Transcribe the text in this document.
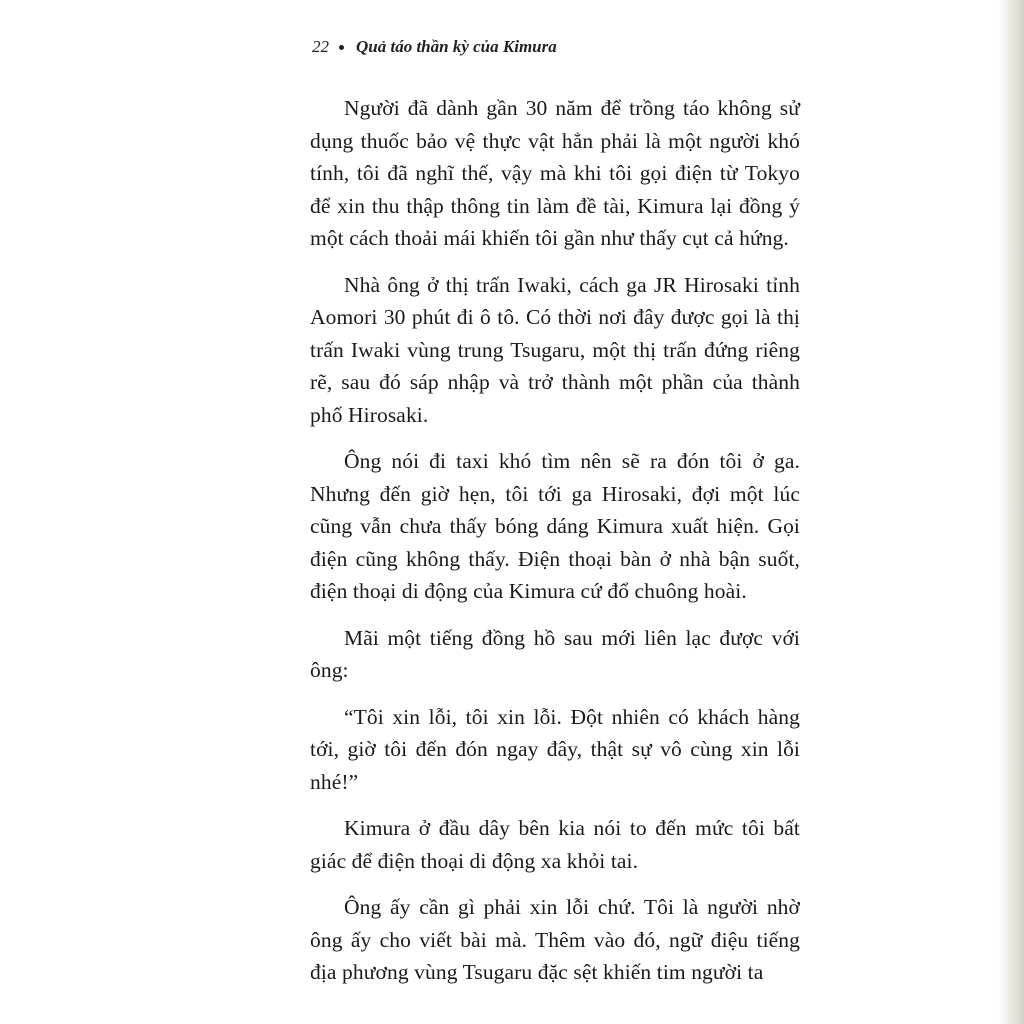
22 Quả táo thần kỳ của Kimura

Người đã dành gần 30 năm để trồng táo không sử dụng thuốc bảo vệ thực vật hẳn phải là một người khó tính, tôi đã nghĩ thế, vậy mà khi tôi gọi điện từ Tokyo để xin thu thập thông tin làm đề tài, Kimura lại đồng ý một cách thoải mái khiến tôi gần như thấy cụt cả hứng.

Nhà ông ở thị trấn Iwaki, cách ga JR Hirosaki tỉnh Aomori 30 phút đi ô tô. Có thời nơi đây được gọi là thị trấn Iwaki vùng trung Tsugaru, một thị trấn đứng riêng rẽ, sau đó sáp nhập và trở thành một phần của thành phố Hirosaki.

Ông nói đi taxi khó tìm nên sẽ ra đón tôi ở ga. Nhưng đến giờ hẹn, tôi tới ga Hirosaki, đợi một lúc cũng vẫn chưa thấy bóng dáng Kimura xuất hiện. Gọi điện cũng không thấy. Điện thoại bàn ở nhà bận suốt, điện thoại di động của Kimura cứ đổ chuông hoài.

Mãi một tiếng đồng hồ sau mới liên lạc được với ông:

“Tôi xin lỗi, tôi xin lỗi. Đột nhiên có khách hàng tới, giờ tôi đến đón ngay đây, thật sự vô cùng xin lỗi nhé!”

Kimura ở đầu dây bên kia nói to đến mức tôi bất giác để điện thoại di động xa khỏi tai.

Ông ấy cần gì phải xin lỗi chứ. Tôi là người nhờ ông ấy cho viết bài mà. Thêm vào đó, ngữ điệu tiếng địa phương vùng Tsugaru đặc sệt khiến tim người ta
